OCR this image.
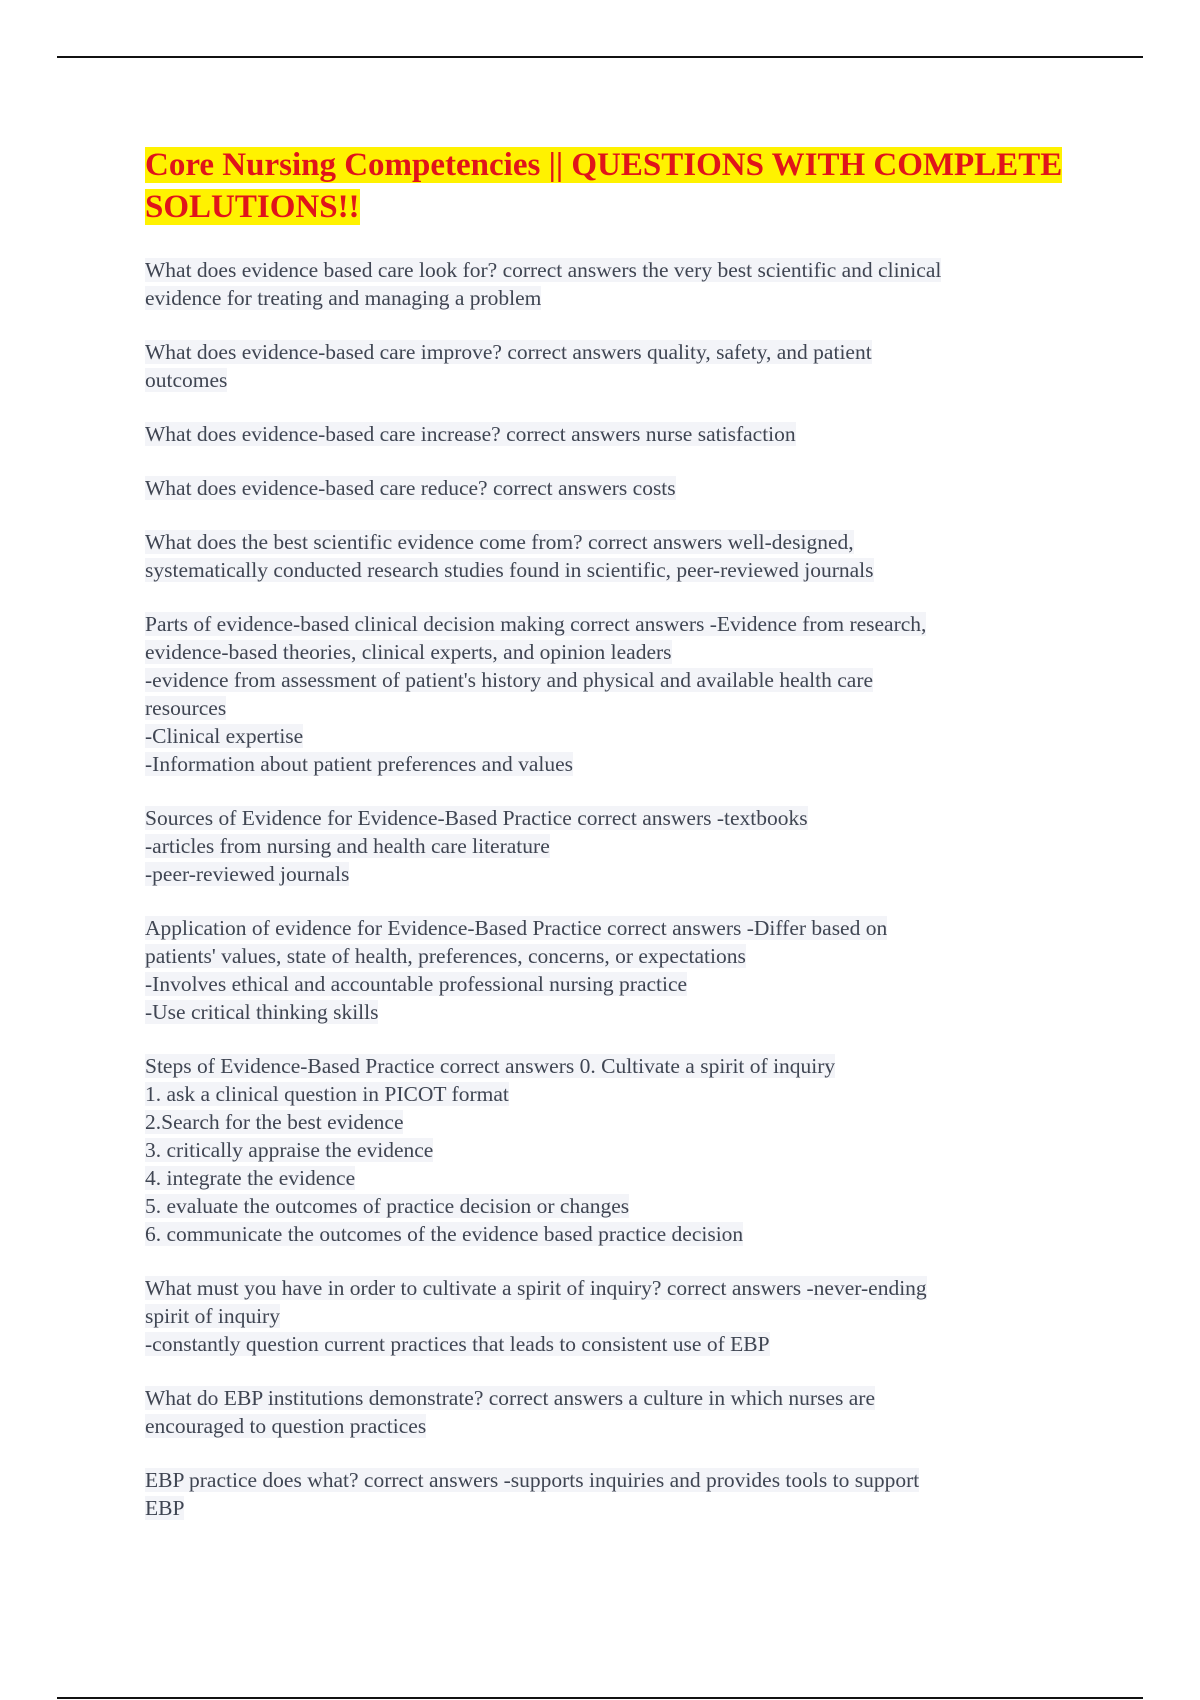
Core Nursing Competencies || QUESTIONS WITH COMPLETE SOLUTIONS!!
What does evidence based care look for? correct answers the very best scientific and clinical
evidence for treating and managing a problem
What does evidence-based care improve? correct answers quality, safety, and patient
outcomes
What does evidence-based care increase? correct answers nurse satisfaction
What does evidence-based care reduce? correct answers costs
What does the best scientific evidence come from? correct answers well-designed,
systematically conducted research studies found in scientific, peer-reviewed journals
Parts of evidence-based clinical decision making correct answers -Evidence from research,
evidence-based theories, clinical experts, and opinion leaders
-evidence from assessment of patient's history and physical and available health care
resources
-Clinical expertise
-Information about patient preferences and values
Sources of Evidence for Evidence-Based Practice correct answers -textbooks
-articles from nursing and health care literature
-peer-reviewed journals
Application of evidence for Evidence-Based Practice correct answers -Differ based on
patients' values, state of health, preferences, concerns, or expectations
-Involves ethical and accountable professional nursing practice
-Use critical thinking skills
Steps of Evidence-Based Practice correct answers 0. Cultivate a spirit of inquiry
1. ask a clinical question in PICOT format
2.Search for the best evidence
3. critically appraise the evidence
4. integrate the evidence
5. evaluate the outcomes of practice decision or changes
6. communicate the outcomes of the evidence based practice decision
What must you have in order to cultivate a spirit of inquiry? correct answers -never-ending
spirit of inquiry
-constantly question current practices that leads to consistent use of EBP
What do EBP institutions demonstrate? correct answers a culture in which nurses are
encouraged to question practices
EBP practice does what? correct answers -supports inquiries and provides tools to support
EBP
